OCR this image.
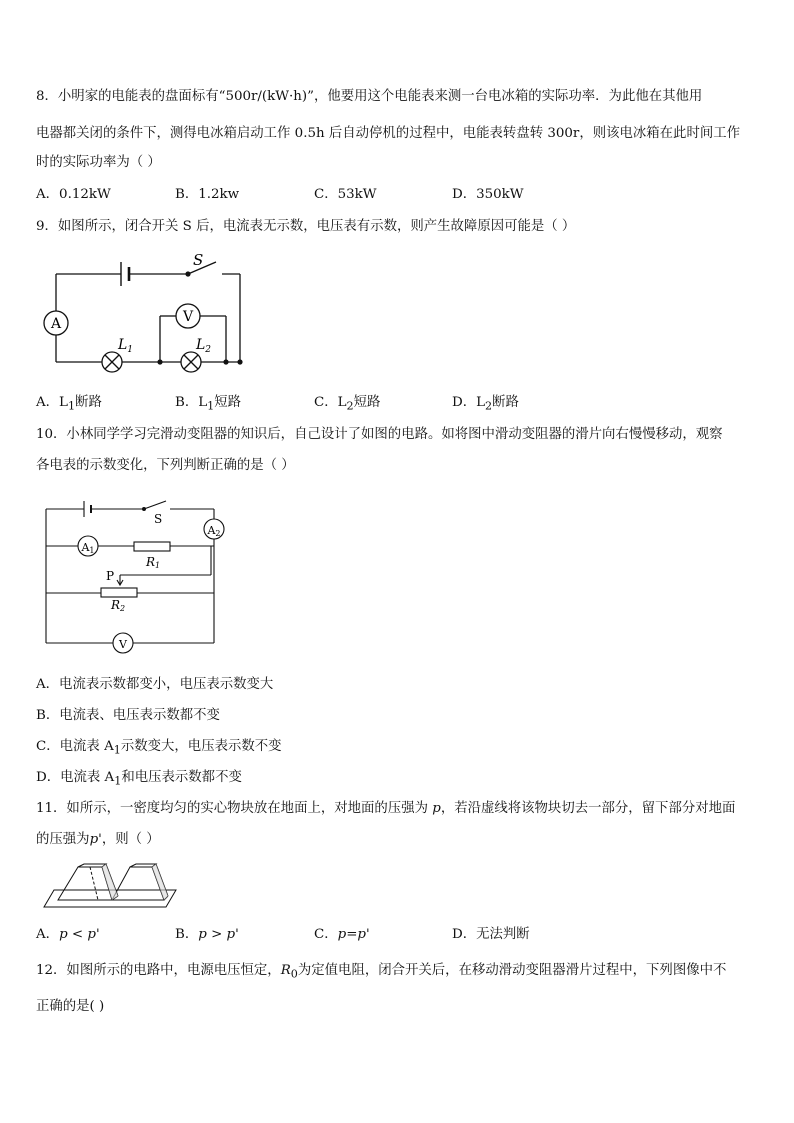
8．小明家的电能表的盘面标有“500r/(kW·h)”，他要用这个电能表来测一台电冰箱的实际功率．为此他在其他用
电器都关闭的条件下，测得电冰箱启动工作 0.5h 后自动停机的过程中，电能表转盘转 300r，则该电冰箱在此时间工作
时的实际功率为（ ）
A．0.12kW	B．1.2kw	C．53kW	D．350kW
9．如图所示，闭合开关 S 后，电流表无示数，电压表有示数，则产生故障原因可能是（ ）
A	V
S
$L_1$	$L_2$
A．$L_1$断路	B．$L_1$短路	C．$L_2$短路	D．$L_2$断路
10．小林同学学习完滑动变阻器的知识后，自己设计了如图的电路。如将图中滑动变阻器的滑片向右慢慢移动，观察
各电表的示数变化，下列判断正确的是（ ）
A1
A2
V
S
R1
P
R2
A．电流表示数都变小，电压表示数变大
B．电流表、电压表示数都不变
C．电流表 $A_1$示数变大，电压表示数不变
D．电流表 $A_1$和电压表示数都不变
11．如所示，一密度均匀的实心物块放在地面上，对地面的压强为 p，若沿虚线将该物块切去一部分，留下部分对地面
的压强为p'，则（ ）
A．p < p'	B．p > p'	C．p=p'	D．无法判断
12．如图所示的电路中，电源电压恒定，$R_0$为定值电阻，闭合开关后，在移动滑动变阻器滑片过程中，下列图像中不
正确的是( )
